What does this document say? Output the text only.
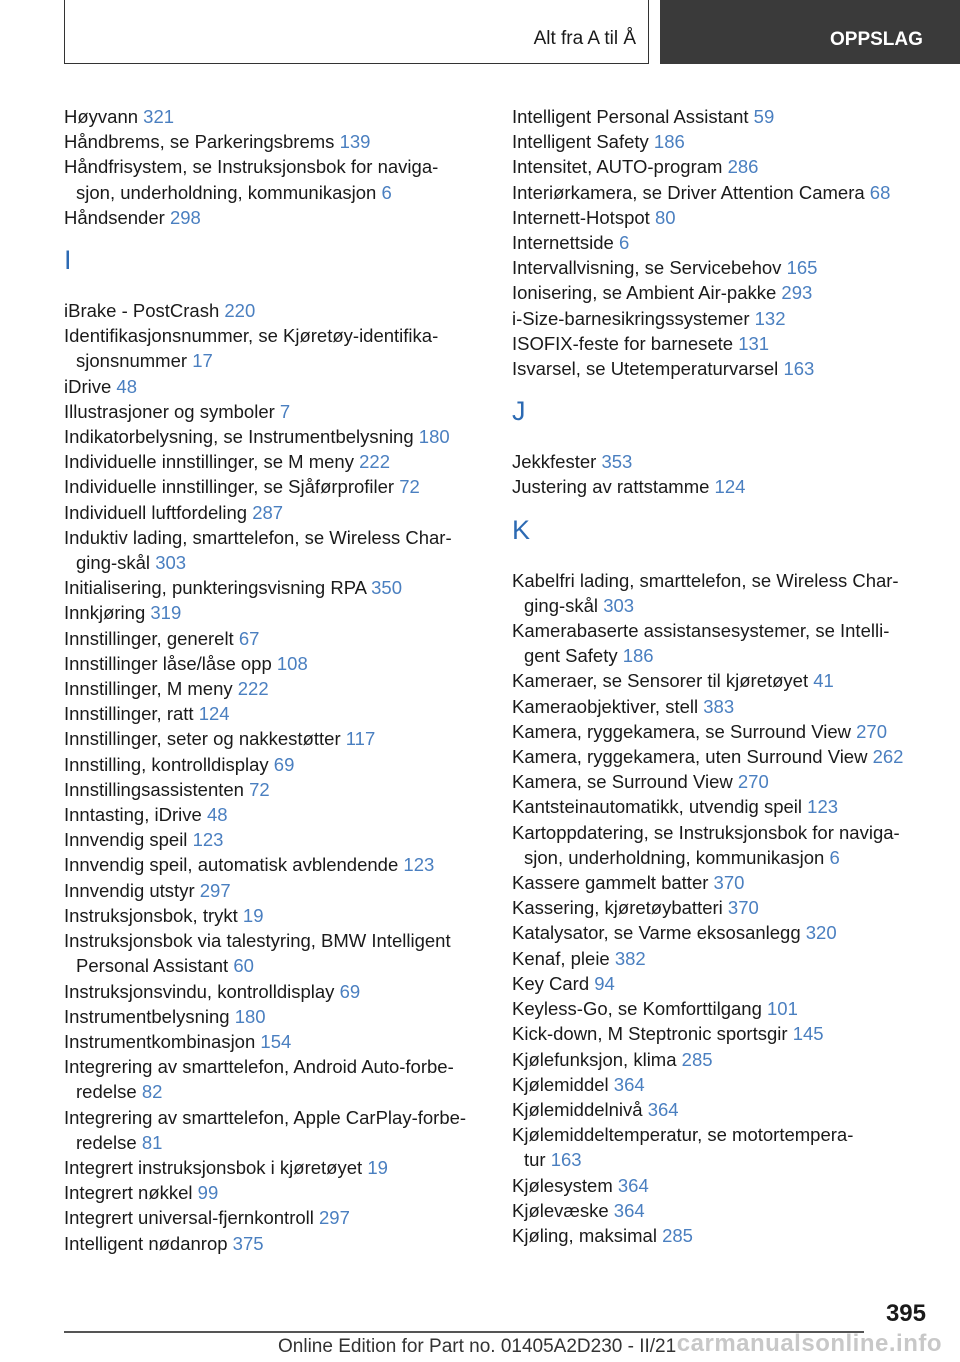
Alt fra A til Å	OPPSLAG
Høyvann 321
Håndbrems, se Parkeringsbrems 139
Håndfrisystem, se Instruksjonsbok for naviga-
sjon, underholdning, kommunikasjon 6
Håndsender 298
I
iBrake - PostCrash 220
Identifikasjonsnummer, se Kjøretøy-identifika-
sjonsnummer 17
iDrive 48
Illustrasjoner og symboler 7
Indikatorbelysning, se Instrumentbelysning 180
Individuelle innstillinger, se M meny 222
Individuelle innstillinger, se Sjåførprofiler 72
Individuell luftfordeling 287
Induktiv lading, smarttelefon, se Wireless Char-
ging-skål 303
Initialisering, punkteringsvisning RPA 350
Innkjøring 319
Innstillinger, generelt 67
Innstillinger låse/låse opp 108
Innstillinger, M meny 222
Innstillinger, ratt 124
Innstillinger, seter og nakkestøtter 117
Innstilling, kontrolldisplay 69
Innstillingsassistenten 72
Inntasting, iDrive 48
Innvendig speil 123
Innvendig speil, automatisk avblendende 123
Innvendig utstyr 297
Instruksjonsbok, trykt 19
Instruksjonsbok via talestyring, BMW Intelligent
Personal Assistant 60
Instruksjonsvindu, kontrolldisplay 69
Instrumentbelysning 180
Instrumentkombinasjon 154
Integrering av smarttelefon, Android Auto-forbe-
redelse 82
Integrering av smarttelefon, Apple CarPlay-forbe-
redelse 81
Integrert instruksjonsbok i kjøretøyet 19
Integrert nøkkel 99
Integrert universal-fjernkontroll 297
Intelligent nødanrop 375
Intelligent Personal Assistant 59
Intelligent Safety 186
Intensitet, AUTO-program 286
Interiørkamera, se Driver Attention Camera 68
Internett-Hotspot 80
Internettside 6
Intervallvisning, se Servicebehov 165
Ionisering, se Ambient Air-pakke 293
i-Size-barnesikringssystemer 132
ISOFIX-feste for barnesete 131
Isvarsel, se Utetemperaturvarsel 163
J
Jekkfester 353
Justering av rattstamme 124
K
Kabelfri lading, smarttelefon, se Wireless Char-
ging-skål 303
Kamerabaserte assistansesystemer, se Intelli-
gent Safety 186
Kameraer, se Sensorer til kjøretøyet 41
Kameraobjektiver, stell 383
Kamera, ryggekamera, se Surround View 270
Kamera, ryggekamera, uten Surround View 262
Kamera, se Surround View 270
Kantsteinautomatikk, utvendig speil 123
Kartoppdatering, se Instruksjonsbok for naviga-
sjon, underholdning, kommunikasjon 6
Kassere gammelt batter 370
Kassering, kjøretøybatteri 370
Katalysator, se Varme eksosanlegg 320
Kenaf, pleie 382
Key Card 94
Keyless-Go, se Komforttilgang 101
Kick-down, M Steptronic sportsgir 145
Kjølefunksjon, klima 285
Kjølemiddel 364
Kjølemiddelnivå 364
Kjølemiddeltemperatur, se motortempera-
tur 163
Kjølesystem 364
Kjølevæske 364
Kjøling, maksimal 285
395
Online Edition for Part no. 01405A2D230 - II/21 carmanualsonline.info
